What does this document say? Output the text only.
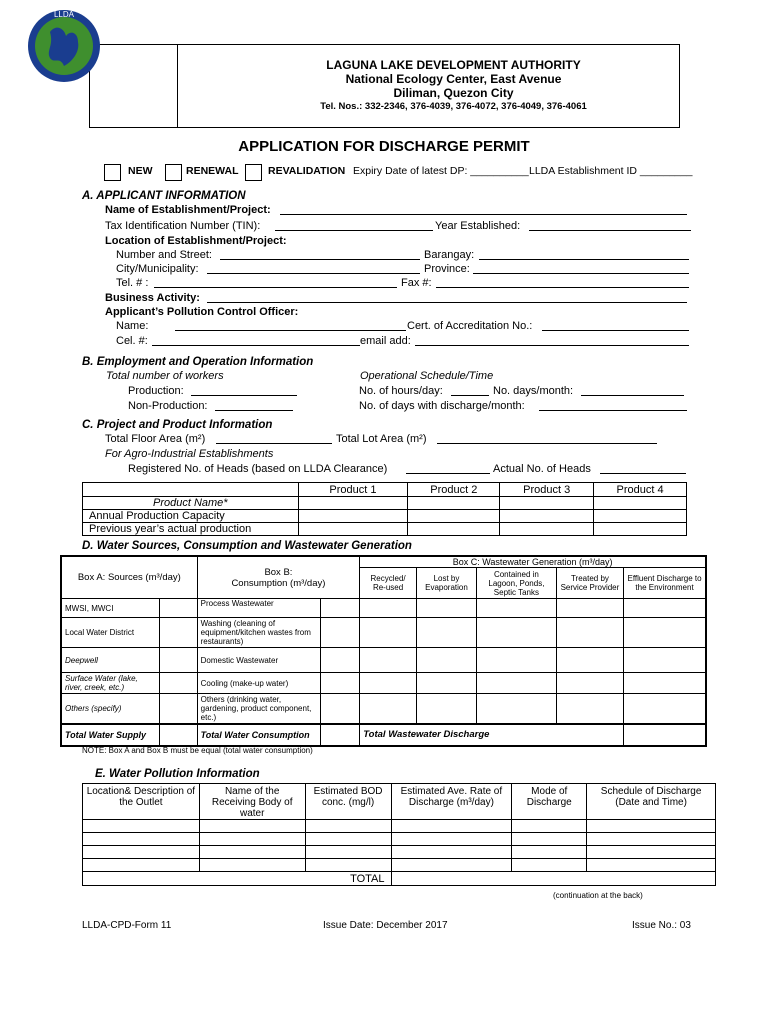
LLDA
LAGUNA LAKE DEVELOPMENT AUTHORITY
National Ecology Center, East Avenue
Diliman, Quezon City
Tel. Nos.: 332-2346, 376-4039, 376-4072, 376-4049, 376-4061
APPLICATION FOR DISCHARGE PERMIT
NEW	RENEWAL	REVALIDATION Expiry Date of latest DP: __________ LLDA Establishment ID _________
A. APPLICANT INFORMATION
Name of Establishment/Project:
Tax Identification Number (TIN):	Year Established:
Location of Establishment/Project:
Number and Street:	Barangay:
City/Municipality:	Province:
Tel. # :	Fax #:
Business Activity:
Applicant’s Pollution Control Officer:
Name:	Cert. of Accreditation No.:
Cel. #:	email add:
B. Employment and Operation Information
Total number of workers
Production:
Non-Production:
Operational Schedule/Time
No. of hours/day:	No. days/month:
No. of days with discharge/month:
C. Project and Product Information
Total Floor Area (m²)	Total Lot Area (m²)
For Agro-Industrial Establishments
Registered No. of Heads (based on LLDA Clearance)	Actual No. of Heads
	Product 1	Product 2	Product 3	Product 4
Product Name*				
Annual Production Capacity				
Previous year’s actual production				
D. Water Sources, Consumption and Wastewater Generation
Box A: Sources (m³/day)		Box B:
Consumption (m³/day)		Box C: Wastewater Generation (m³/day)				
				Recycled/ Re-used	Lost by Evaporation	Contained in Lagoon, Ponds, Septic Tanks	Treated by Service Provider	Effluent Discharge to the Environment
MWSI, MWCI		Process Wastewater						
Local Water District		Washing (cleaning of equipment/kitchen wastes from restaurants)						
Deepwell		Domestic Wastewater						
Surface Water (lake, river, creek, etc.)		Cooling (make-up water)						
Others (specify)		Others (drinking water, gardening, product component, etc.)						
Total Water Supply		Total Water Consumption		Total Wastewater Discharge				
NOTE: Box A and Box B must be equal (total water consumption)
E. Water Pollution Information
Location& Description of the Outlet	Name of the Receiving Body of water	Estimated BOD conc. (mg/l)	Estimated Ave. Rate of Discharge (m³/day)	Mode of Discharge	Schedule of Discharge (Date and Time)

TOTAL					
(continuation at the back)
LLDA-CPD-Form 11	Issue Date: December 2017	Issue No.: 03
